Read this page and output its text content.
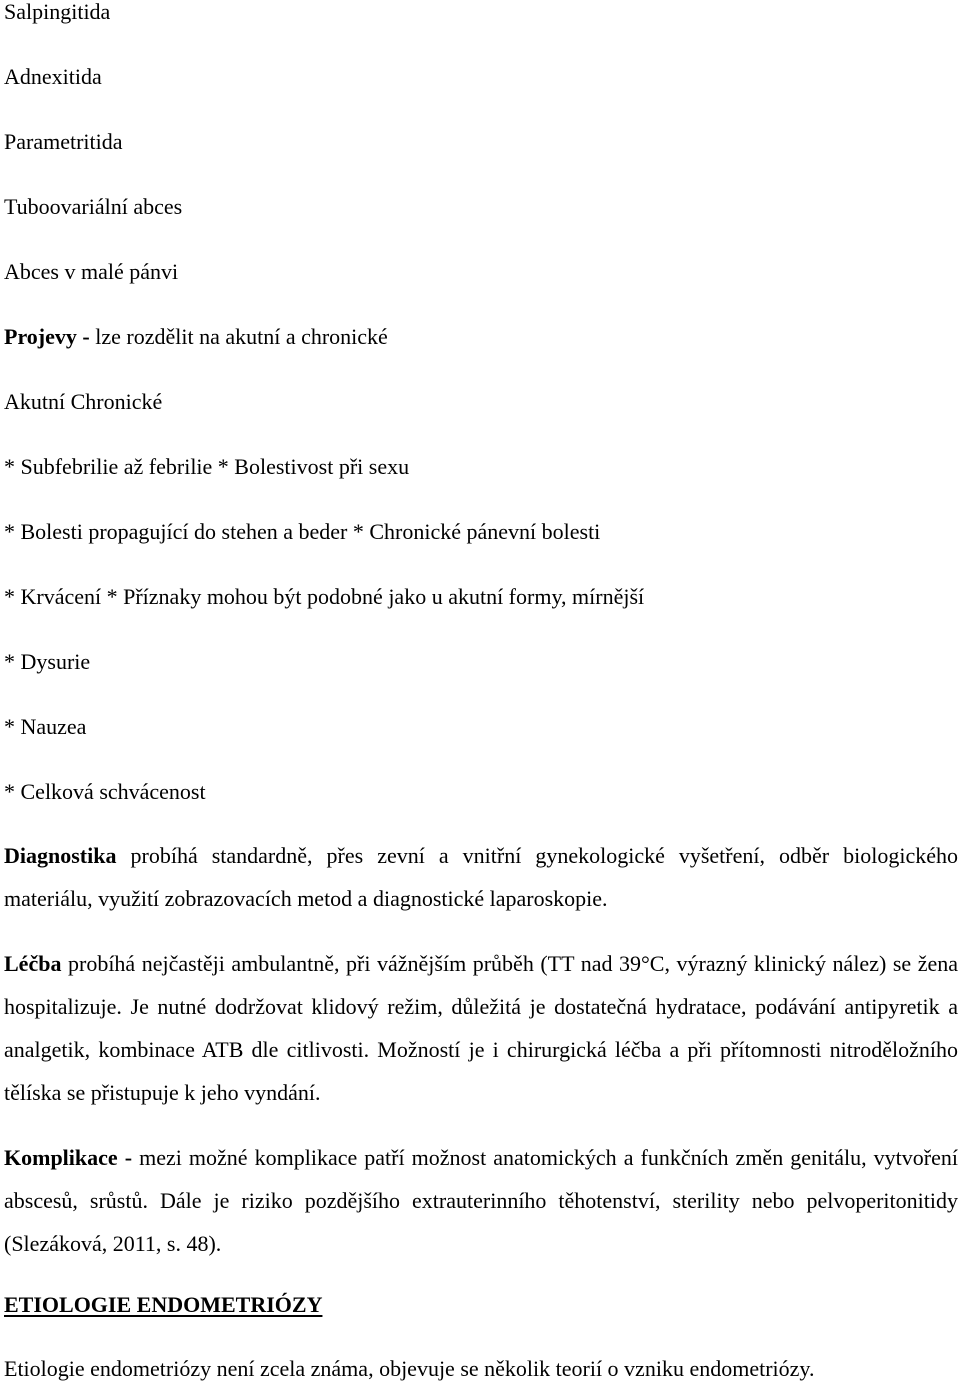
Salpingitida

Adnexitida

Parametritida

Tuboovariální abces

Abces v malé pánvi

Projevy - lze rozdělit na akutní a chronické

Akutní Chronické

* Subfebrilie až febrilie * Bolestivost při sexu

* Bolesti propagující do stehen a beder * Chronické pánevní bolesti

* Krvácení * Příznaky mohou být podobné jako u akutní formy, mírnější

* Dysurie

* Nauzea

* Celková schvácenost

Diagnostika probíhá standardně, přes zevní a vnitřní gynekologické vyšetření, odběr biologického materiálu, využití zobrazovacích metod a diagnostické laparoskopie.

Léčba probíhá nejčastěji ambulantně, při vážnějším průběh (TT nad 39°C, výrazný klinický nález) se žena hospitalizuje. Je nutné dodržovat klidový režim, důležitá je dostatečná hydratace, podávání antipyretik a analgetik, kombinace ATB dle citlivosti. Možností je i chirurgická léčba a při přítomnosti nitroděložního tělíska se přistupuje k jeho vyndání.

Komplikace - mezi možné komplikace patří možnost anatomických a funkčních změn genitálu, vytvoření abscesů, srůstů. Dále je riziko pozdějšího extrauterinního těhotenství, sterility nebo pelvoperitonitidy (Slezáková, 2011, s. 48).

ETIOLOGIE ENDOMETRIÓZY

Etiologie endometriózy není zcela známa, objevuje se několik teorií o vzniku endometriózy.
